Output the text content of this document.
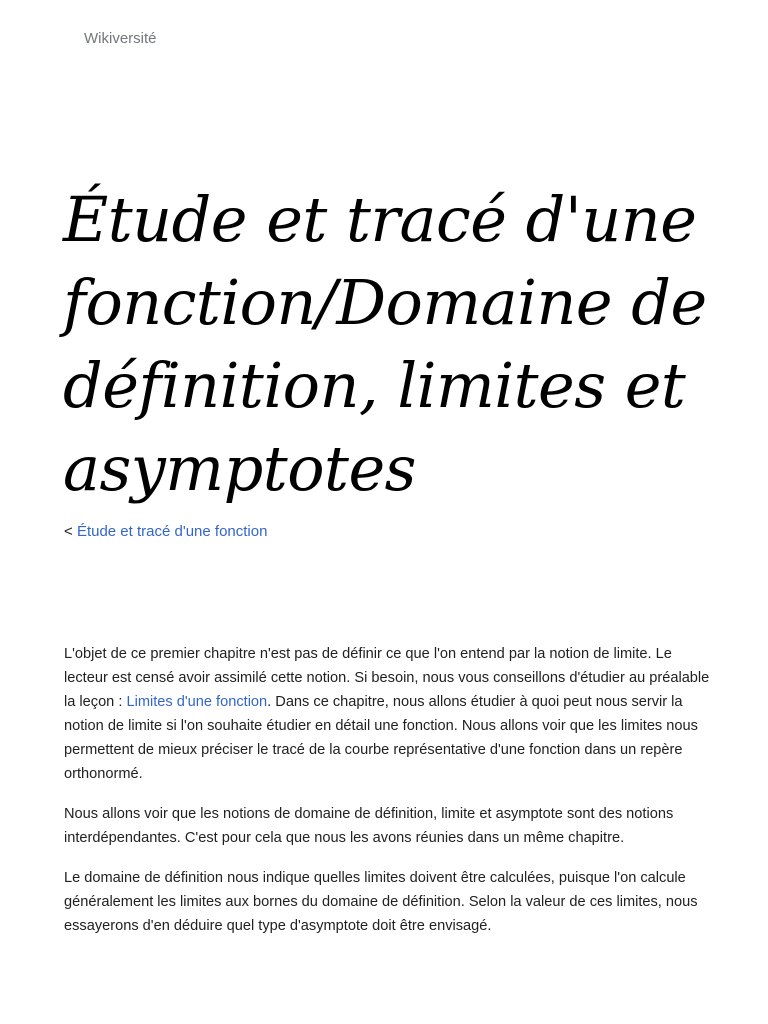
Wikiversité
Étude et tracé d'une fonction/Domaine de définition, limites et asymptotes
< Étude et tracé d'une fonction

L'objet de ce premier chapitre n'est pas de définir ce que l'on entend par la notion de limite. Le lecteur est censé avoir assimilé cette notion. Si besoin, nous vous conseillons d'étudier au préalable la leçon : Limites d'une fonction. Dans ce chapitre, nous allons étudier à quoi peut nous servir la notion de limite si l'on souhaite étudier en détail une fonction. Nous allons voir que les limites nous permettent de mieux préciser le tracé de la courbe représentative d'une fonction dans un repère orthonormé.

Nous allons voir que les notions de domaine de définition, limite et asymptote sont des notions interdépendantes. C'est pour cela que nous les avons réunies dans un même chapitre.

Le domaine de définition nous indique quelles limites doivent être calculées, puisque l'on calcule généralement les limites aux bornes du domaine de définition. Selon la valeur de ces limites, nous essayerons d'en déduire quel type d'asymptote doit être envisagé.
